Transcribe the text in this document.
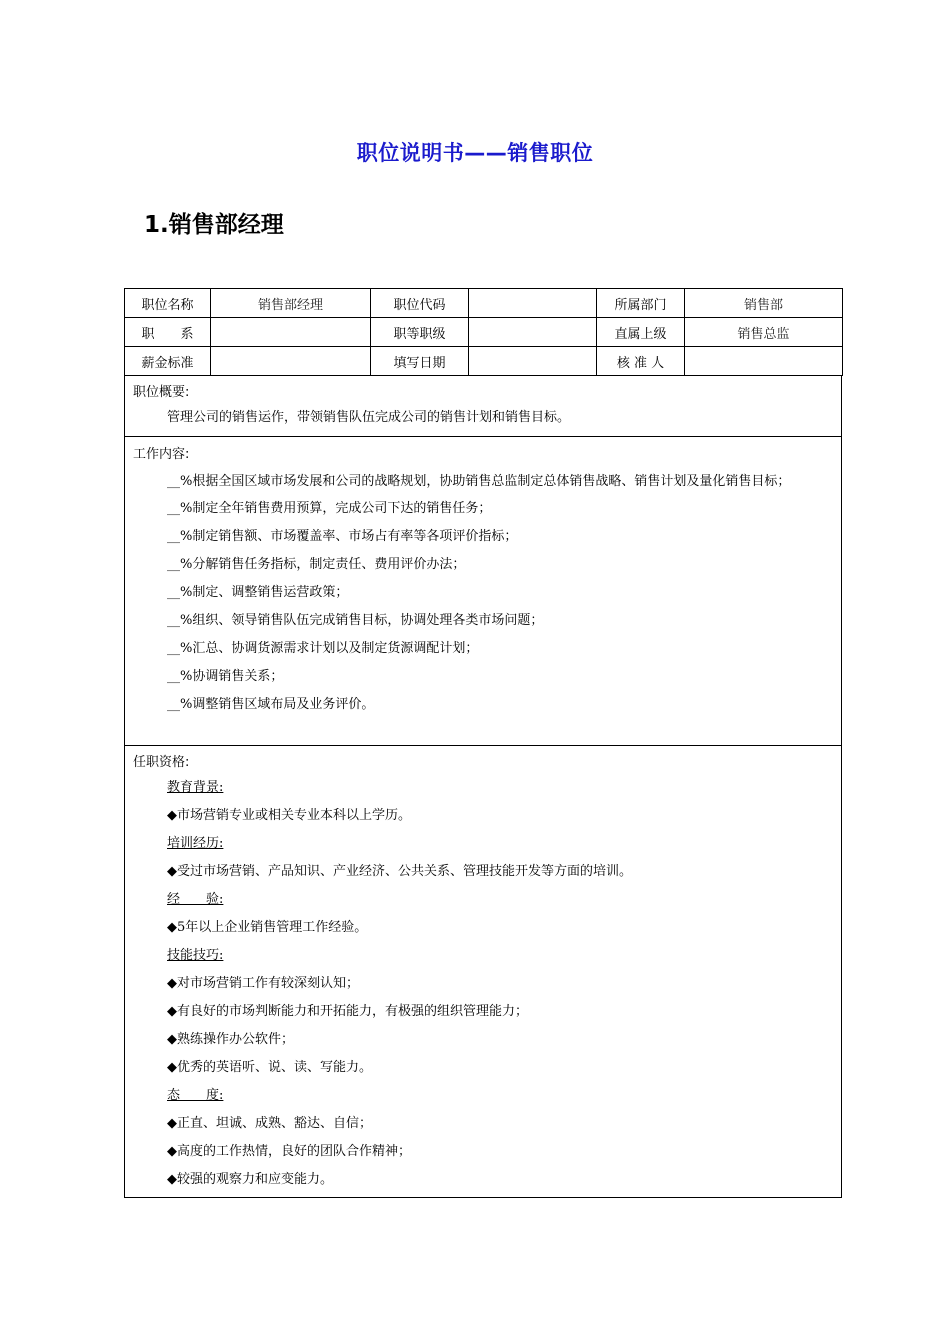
职位说明书——销售职位
1.销售部经理
职位名称	销售部经理	职位代码		所属部门	销售部
职　　系		职等职级		直属上级	销售总监
薪金标准		填写日期		核 准 人	
职位概要:
管理公司的销售运作，带领销售队伍完成公司的销售计划和销售目标。
工作内容:
__%根据全国区域市场发展和公司的战略规划，协助销售总监制定总体销售战略、销售计划及量化销售目标；
__%制定全年销售费用预算，完成公司下达的销售任务；
__%制定销售额、市场覆盖率、市场占有率等各项评价指标；
__%分解销售任务指标，制定责任、费用评价办法；
__%制定、调整销售运营政策；
__%组织、领导销售队伍完成销售目标，协调处理各类市场问题；
__%汇总、协调货源需求计划以及制定货源调配计划；
__%协调销售关系；
__%调整销售区域布局及业务评价。
任职资格:
教育背景:
◆市场营销专业或相关专业本科以上学历。
培训经历:
◆受过市场营销、产品知识、产业经济、公共关系、管理技能开发等方面的培训。
经　　验:
◆5年以上企业销售管理工作经验。
技能技巧:
◆对市场营销工作有较深刻认知；
◆有良好的市场判断能力和开拓能力，有极强的组织管理能力；
◆熟练操作办公软件；
◆优秀的英语听、说、读、写能力。
态　　度:
◆正直、坦诚、成熟、豁达、自信；
◆高度的工作热情，良好的团队合作精神；
◆较强的观察力和应变能力。
